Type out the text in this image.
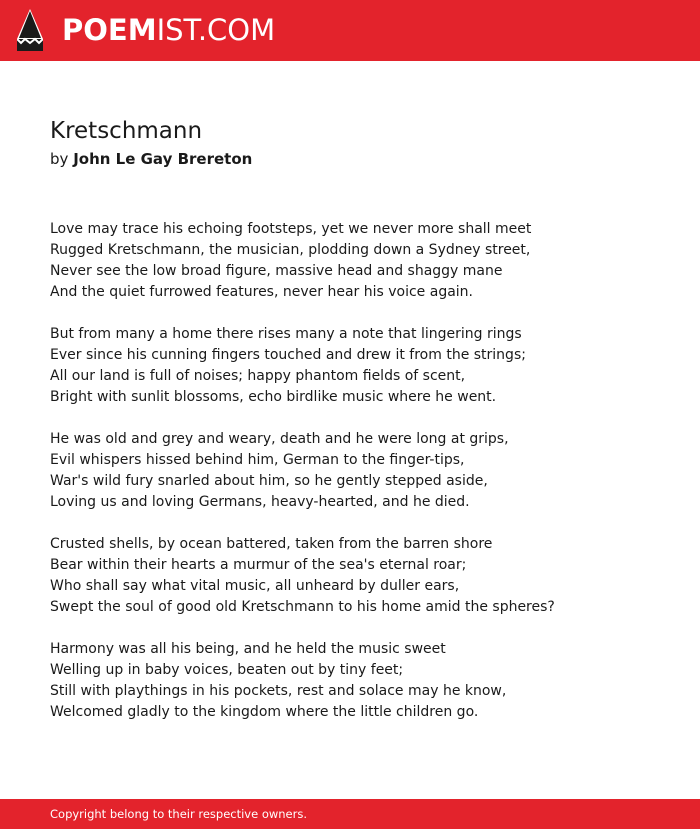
POEMIST.COM
Kretschmann
by John Le Gay Brereton
Love may trace his echoing footsteps, yet we never more shall meet
Rugged Kretschmann, the musician, plodding down a Sydney street,
Never see the low broad figure, massive head and shaggy mane
And the quiet furrowed features, never hear his voice again.
But from many a home there rises many a note that lingering rings
Ever since his cunning fingers touched and drew it from the strings;
All our land is full of noises; happy phantom fields of scent,
Bright with sunlit blossoms, echo birdlike music where he went.
He was old and grey and weary, death and he were long at grips,
Evil whispers hissed behind him, German to the finger-tips,
War's wild fury snarled about him, so he gently stepped aside,
Loving us and loving Germans, heavy-hearted, and he died.
Crusted shells, by ocean battered, taken from the barren shore
Bear within their hearts a murmur of the sea's eternal roar;
Who shall say what vital music, all unheard by duller ears,
Swept the soul of good old Kretschmann to his home amid the spheres?
Harmony was all his being, and he held the music sweet
Welling up in baby voices, beaten out by tiny feet;
Still with playthings in his pockets, rest and solace may he know,
Welcomed gladly to the kingdom where the little children go.
Copyright belong to their respective owners.
